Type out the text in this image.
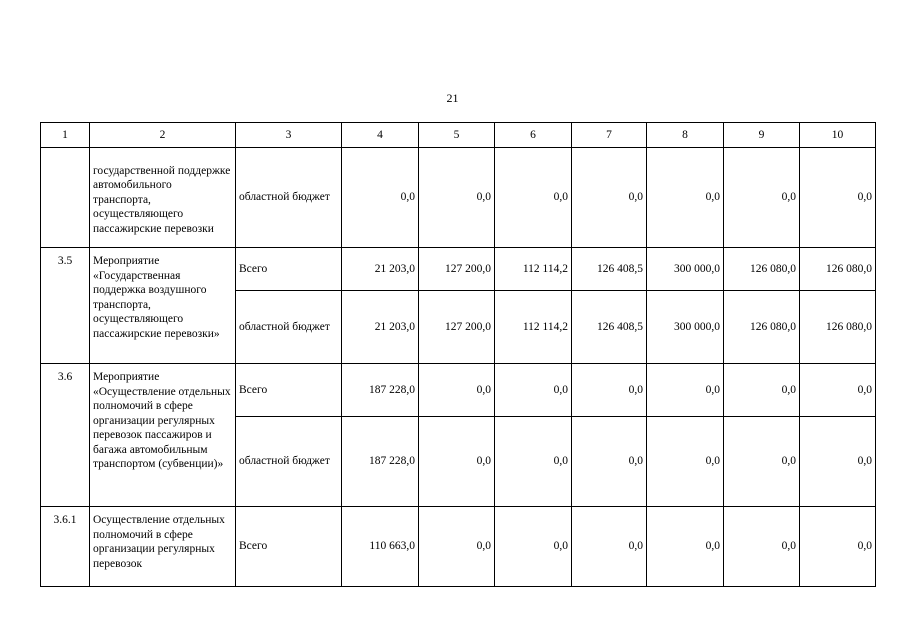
21
1	2	3	4	5	6	7	8	9	10
	государственной поддержке автомобильного транспорта, осуществляющего пассажирские перевозки	областной бюджет	0,0	0,0	0,0	0,0	0,0	0,0	0,0
3.5	Мероприятие «Государственная поддержка воздушного транспорта, осуществляющего пассажирские перевозки»	Всего	21 203,0	127 200,0	112 114,2	126 408,5	300 000,0	126 080,0	126 080,0
		областной бюджет	21 203,0	127 200,0	112 114,2	126 408,5	300 000,0	126 080,0	126 080,0
3.6	Мероприятие «Осуществление отдельных полномочий в сфере организации регулярных перевозок пассажиров и багажа автомобильным транспортом (субвенции)»	Всего	187 228,0	0,0	0,0	0,0	0,0	0,0	0,0
		областной бюджет	187 228,0	0,0	0,0	0,0	0,0	0,0	0,0
3.6.1	Осуществление отдельных полномочий в сфере организации регулярных перевозок	Всего	110 663,0	0,0	0,0	0,0	0,0	0,0	0,0
